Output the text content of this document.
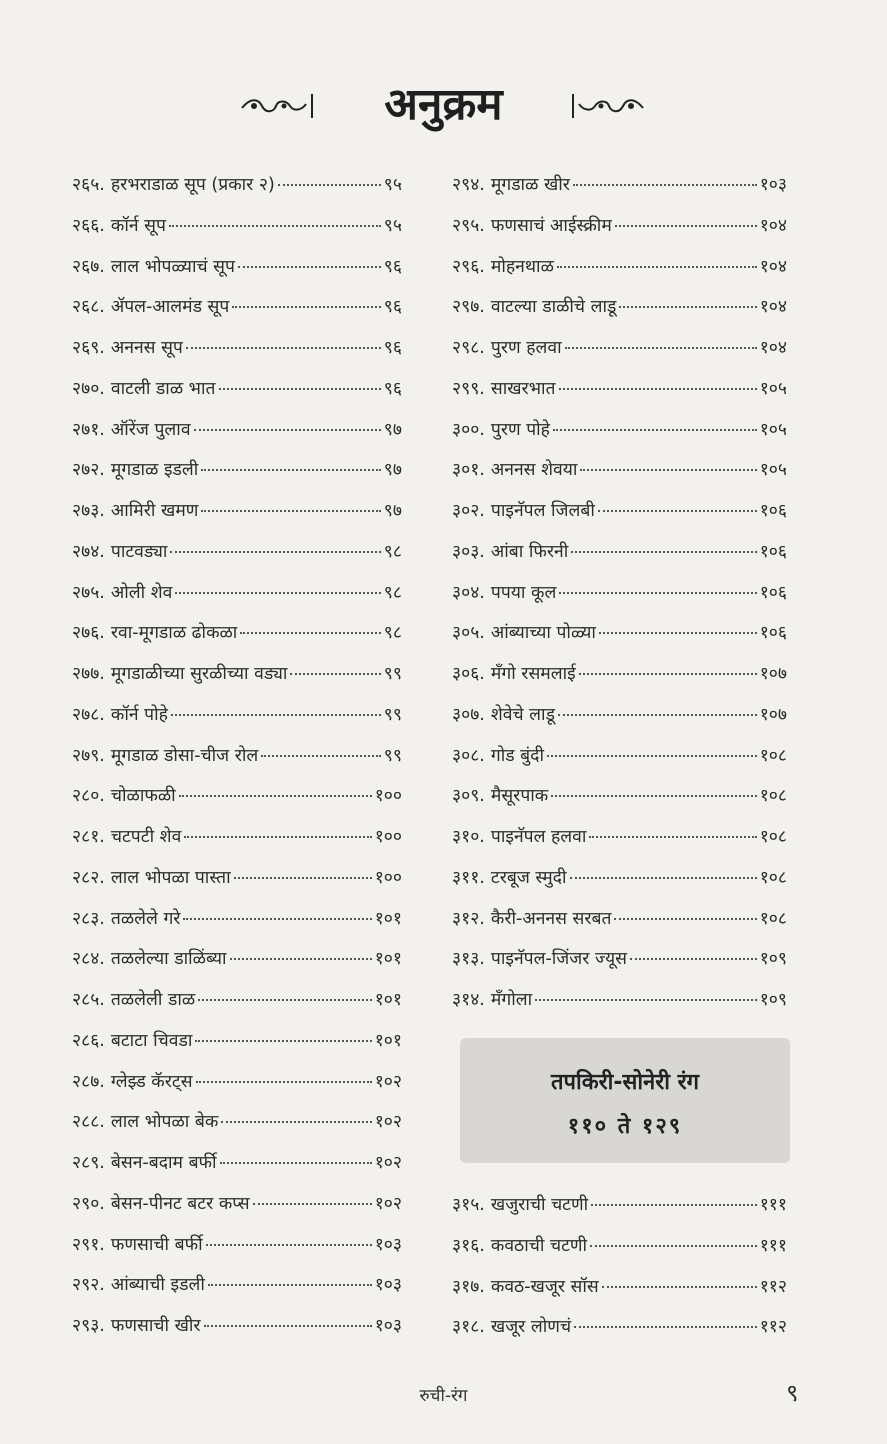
अनुक्रम
२६५. हरभराडाळ सूप (प्रकार २)	९५
२६६. कॉर्न सूप	९५
२६७. लाल भोपळ्याचं सूप	९६
२६८. ॲपल-आलमंड सूप	९६
२६९. अननस सूप	९६
२७०. वाटली डाळ भात	९६
२७१. ऑरेंज पुलाव	९७
२७२. मूगडाळ इडली	९७
२७३. आमिरी खमण	९७
२७४. पाटवड्या	९८
२७५. ओली शेव	९८
२७६. रवा-मूगडाळ ढोकळा	९८
२७७. मूगडाळीच्या सुरळीच्या वड्या	९९
२७८. कॉर्न पोहे	९९
२७९. मूगडाळ डोसा-चीज रोल	९९
२८०. चोळाफळी	१००
२८१. चटपटी शेव	१००
२८२. लाल भोपळा पास्ता	१००
२८३. तळलेले गरे	१०१
२८४. तळलेल्या डाळिंब्या	१०१
२८५. तळलेली डाळ	१०१
२८६. बटाटा चिवडा	१०१
२८७. ग्लेझ्ड कॅरट्स	१०२
२८८. लाल भोपळा बेक	१०२
२८९. बेसन-बदाम बर्फी	१०२
२९०. बेसन-पीनट बटर कप्स	१०२
२९१. फणसाची बर्फी	१०३
२९२. आंब्याची इडली	१०३
२९३. फणसाची खीर	१०३
२९४. मूगडाळ खीर	१०३
२९५. फणसाचं आईस्क्रीम	१०४
२९६. मोहनथाळ	१०४
२९७. वाटल्या डाळीचे लाडू	१०४
२९८. पुरण हलवा	१०४
२९९. साखरभात	१०५
३००. पुरण पोहे	१०५
३०१. अननस शेवया	१०५
३०२. पाइनॅपल जिलबी	१०६
३०३. आंबा फिरनी	१०६
३०४. पपया कूल	१०६
३०५. आंब्याच्या पोळ्या	१०६
३०६. मँगो रसमलाई	१०७
३०७. शेवेचे लाडू	१०७
३०८. गोड बुंदी	१०८
३०९. मैसूरपाक	१०८
३१०. पाइनॅपल हलवा	१०८
३११. टरबूज स्मुदी	१०८
३१२. कैरी-अननस सरबत	१०८
३१३. पाइनॅपल-जिंजर ज्यूस	१०९
३१४. मँगोला	१०९
तपकिरी-सोनेरी रंग
११० ते १२९
३१५. खजुराची चटणी	१११
३१६. कवठाची चटणी	१११
३१७. कवठ-खजूर सॉस	११२
३१८. खजूर लोणचं	११२
रुची-रंग	९
